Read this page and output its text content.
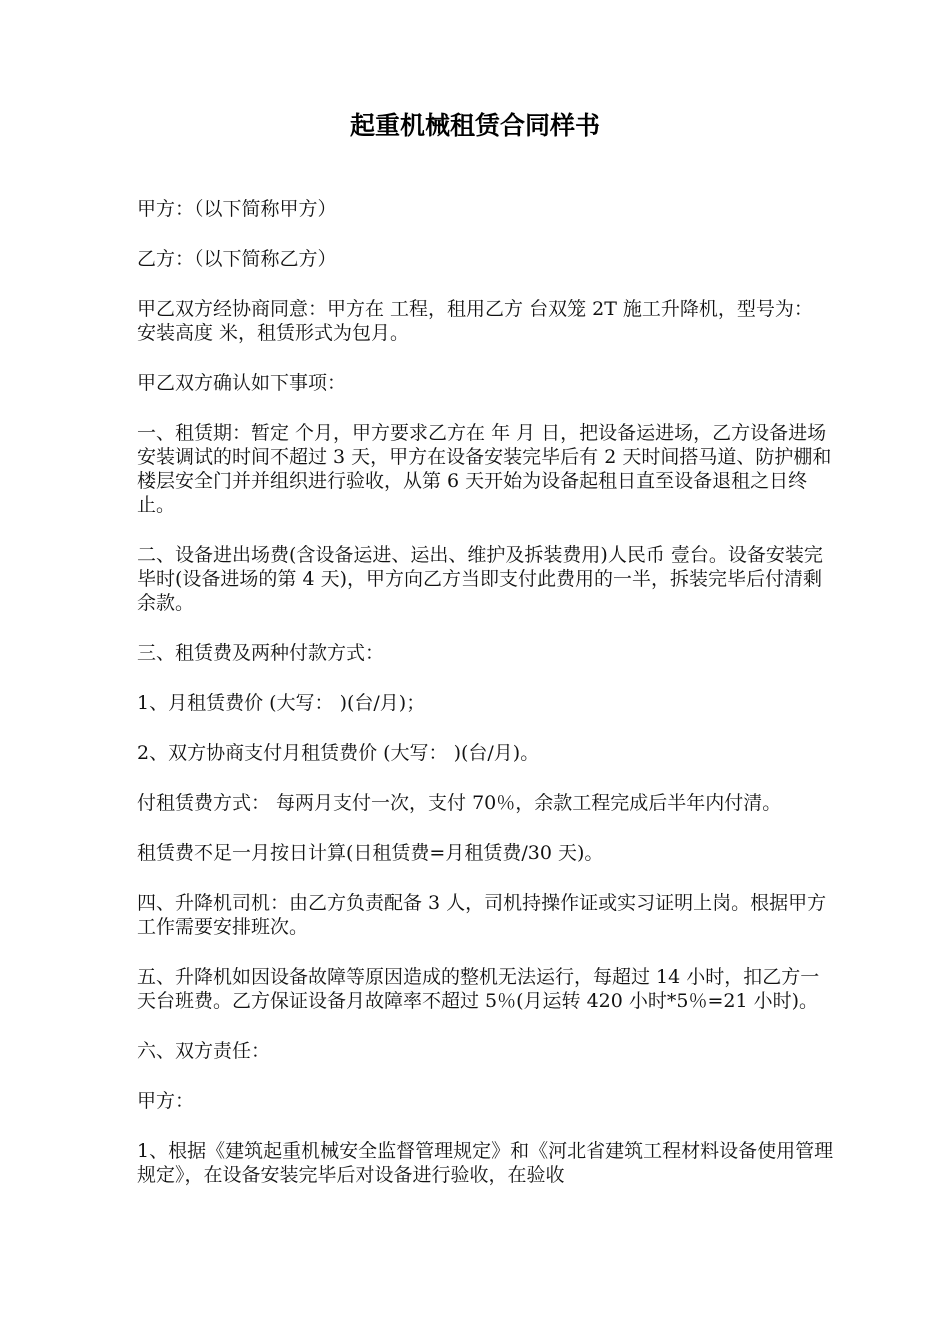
起重机械租赁合同样书

甲方：（以下简称甲方）

乙方：（以下简称乙方）

甲乙双方经协商同意：甲方在 工程，租用乙方 台双笼 2T 施工升降机，型号为： 安装高度 米，租赁形式为包月。

甲乙双方确认如下事项：

一、租赁期：暂定 个月，甲方要求乙方在 年 月 日，把设备运进场，乙方设备进场安装调试的时间不超过 3 天，甲方在设备安装完毕后有 2 天时间搭马道、防护棚和楼层安全门并并组织进行验收，从第 6 天开始为设备起租日直至设备退租之日终止。

二、设备进出场费(含设备运进、运出、维护及拆装费用)人民币 壹台。设备安装完毕时(设备进场的第 4 天)，甲方向乙方当即支付此费用的一半，拆装完毕后付清剩余款。

三、租赁费及两种付款方式：

1、月租赁费价 (大写： )(台/月)；

2、双方协商支付月租赁费价 (大写： )(台/月)。

付租赁费方式： 每两月支付一次，支付 70％，余款工程完成后半年内付清。

租赁费不足一月按日计算(日租赁费=月租赁费/30 天)。

四、升降机司机：由乙方负责配备 3 人，司机持操作证或实习证明上岗。根据甲方工作需要安排班次。

五、升降机如因设备故障等原因造成的整机无法运行，每超过 14 小时，扣乙方一天台班费。乙方保证设备月故障率不超过 5％(月运转 420 小时*5％=21 小时)。

六、双方责任：

甲方：

1、根据《建筑起重机械安全监督管理规定》和《河北省建筑工程材料设备使用管理规定》，在设备安装完毕后对设备进行验收，在验收
